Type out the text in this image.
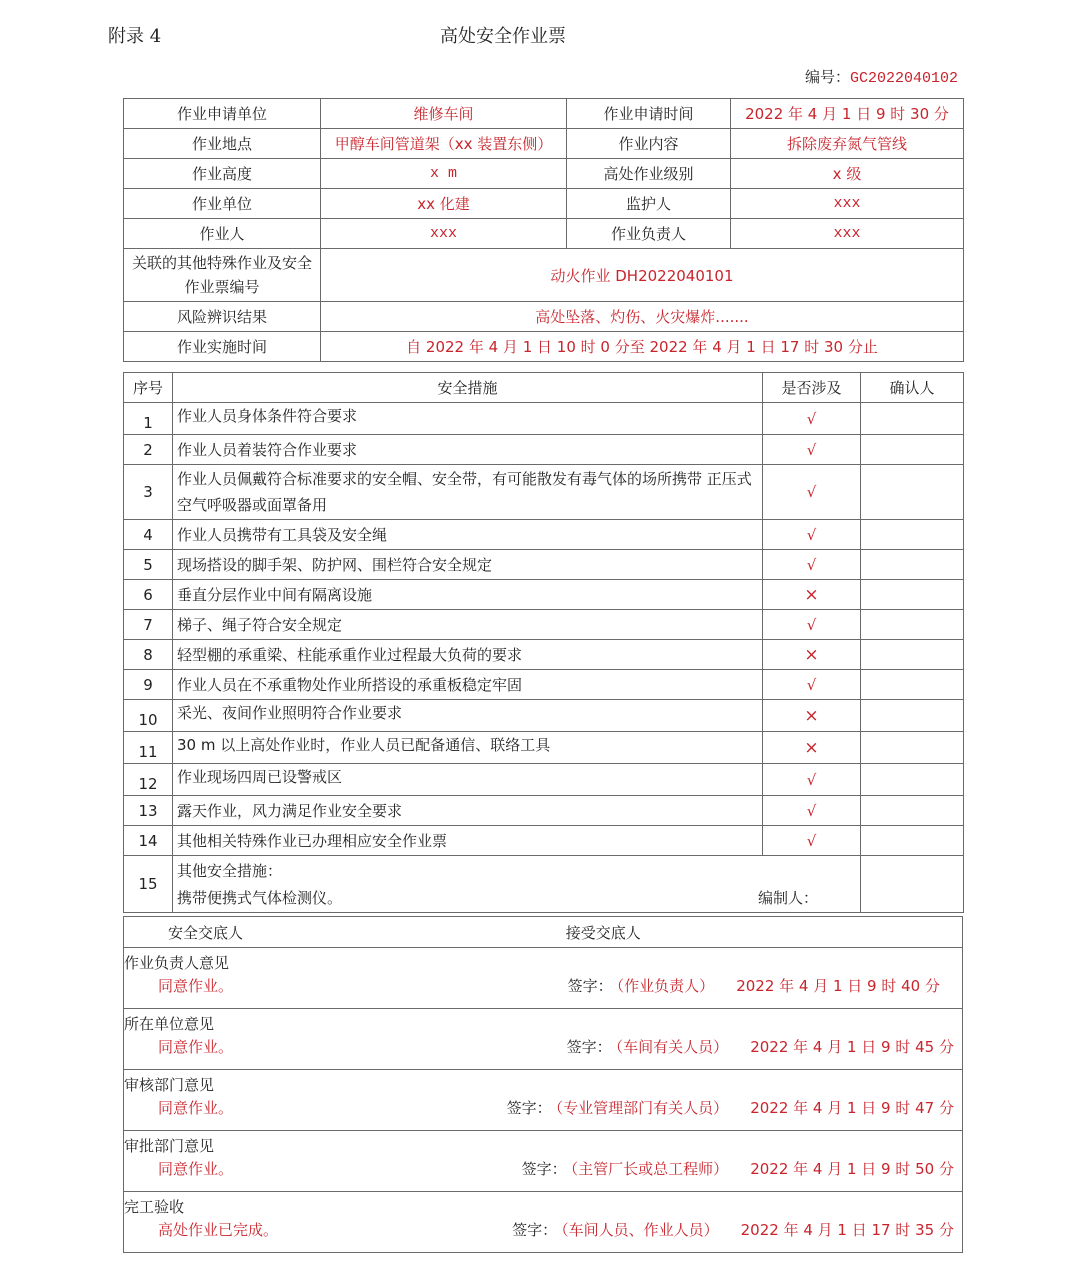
附录 4	高处安全作业票
编号：GC2022040102
作业申请单位	维修车间	作业申请时间	2022 年 4 月 1 日 9 时 30 分
作业地点	甲醇车间管道架（xx 装置东侧）	作业内容	拆除废弃氮气管线
作业高度	x m	高处作业级别	x 级
作业单位	xx 化建	监护人	xxx
作业人	xxx	作业负责人	xxx
关联的其他特殊作业及安全作业票编号	动火作业 DH2022040101		
风险辨识结果	高处坠落、灼伤、火灾爆炸.......		
作业实施时间	自 2022 年 4 月 1 日 10 时 0 分至 2022 年 4 月 1 日 17 时 30 分止		
序号	安全措施	是否涉及	确认人
1	作业人员身体条件符合要求	√	
2	作业人员着装符合作业要求	√	
3	作业人员佩戴符合标准要求的安全帽、安全带，有可能散发有毒气体的场所携带 正压式空气呼吸器或面罩备用	√	
4	作业人员携带有工具袋及安全绳	√	
5	现场搭设的脚手架、防护网、围栏符合安全规定	√	
6	垂直分层作业中间有隔离设施	×	
7	梯子、绳子符合安全规定	√	
8	轻型棚的承重梁、柱能承重作业过程最大负荷的要求	×	
9	作业人员在不承重物处作业所搭设的承重板稳定牢固	√	
10	采光、夜间作业照明符合作业要求	×	
11	30 m 以上高处作业时，作业人员已配备通信、联络工具	×	
12	作业现场四周已设警戒区	√	
13	露天作业，风力满足作业安全要求	√	
14	其他相关特殊作业已办理相应安全作业票	√	
15	其他安全措施：
携带便携式气体检测仪。 编制人：		

安全交底人	接受交底人

作业负责人意见
同意作业。	签字： （作业负责人） 2022 年 4 月 1 日 9 时 40 分

所在单位意见
同意作业。	签字： （车间有关人员） 2022 年 4 月 1 日 9 时 45 分

审核部门意见
同意作业。	签字： （专业管理部门有关人员） 2022 年 4 月 1 日 9 时 47 分

审批部门意见
同意作业。	签字： （主管厂长或总工程师） 2022 年 4 月 1 日 9 时 50 分

完工验收
高处作业已完成。	签字： （车间人员、作业人员） 2022 年 4 月 1 日 17 时 35 分
